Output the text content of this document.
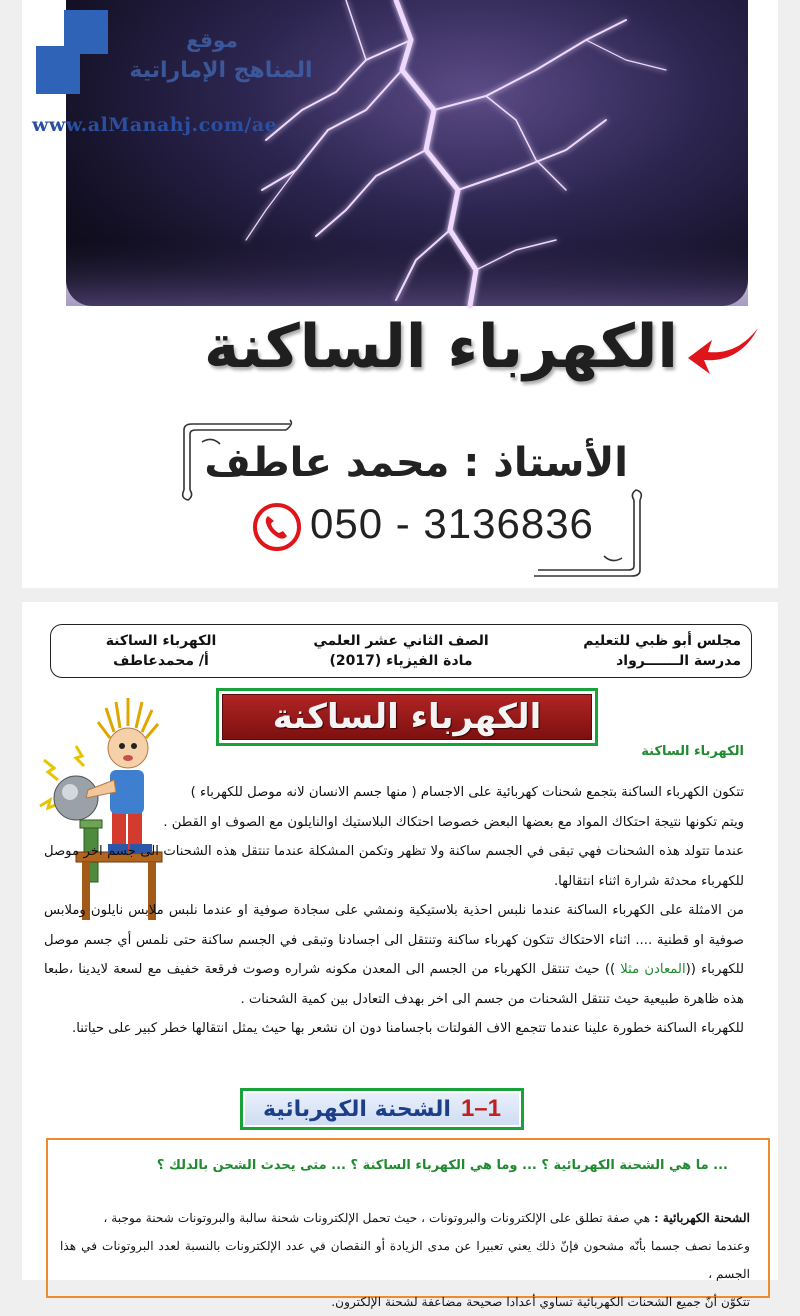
موقع
المناهج الإماراتية
www.alManahj.com/ae
الكهرباء الساكنة
الأستاذ : محمد عاطف
050 - 3136836
مجلس أبو ظبي للتعليم
مدرسة الـــــــرواد
الصف الثاني عشر العلمي
مادة الفيزياء (2017)
الكهرباء الساكنة
أ/ محمدعاطف
الكهرباء الساكنة
الكهرباء الساكنة

تتكون الكهرباء الساكنة بتجمع شحنات كهربائية على الاجسام ( منها جسم الانسان لانه موصل للكهرباء )

ويتم تكونها نتيجة احتكاك المواد مع بعضها البعض خصوصا احتكاك البلاستيك اوالنايلون مع الصوف او القطن .

عندما تتولد هذه الشحنات فهي تبقى في الجسم ساكنة ولا تظهر وتكمن المشكلة عندما تنتقل هذه الشحنات الى جسم اخر موصل للكهرباء محدثة شرارة اثناء انتقالها.

من الامثلة على الكهرباء الساكنة عندما نلبس احذية بلاستيكية ونمشي على سجادة صوفية او عندما نلبس ملابس نايلون وملابس صوفية او قطنية .... اثناء الاحتكاك تتكون كهرباء ساكنة وتنتقل الى اجسادنا وتبقى في الجسم ساكنة حتى نلمس أي جسم موصل للكهرباء ((المعادن مثلا )) حيث تنتقل الكهرباء من الجسم الى المعدن مكونه شراره وصوت فرقعة خفيف مع لسعة لايدينا ،طبعا هذه ظاهرة طبيعية حيث تنتقل الشحنات من جسم الى اخر بهدف التعادل بين كمية الشحنات .

للكهرباء الساكنة خطورة علينا عندما تتجمع الاف الفولتات باجسامنا دون ان نشعر بها حيث يمثل انتقالها خطر كبير على حياتنا.

1–1
الشحنة الكهربائية
... ما هي الشحنة الكهربائية ؟ ... وما هي الكهرباء الساكنة ؟ ... متى يحدث الشحن بالدلك ؟
الشحنة الكهربائية : هي صفة تطلق على الإلكترونات والبروتونات ، حيث تحمل الإلكترونات شحنة سالبة والبروتونات شحنة موجبة ،
وعندما نصف جسما بأنّه مشحون فإنّ ذلك يعني تعبيرا عن مدى الزيادة أو النقصان في عدد الإلكترونات بالنسبة لعدد البروتونات في هذا الجسم ،
تتكوّن أنّ جميع الشحنات الكهربائية تساوي أعدادا صحيحة مضاعفة لشحنة الإلكترون.
